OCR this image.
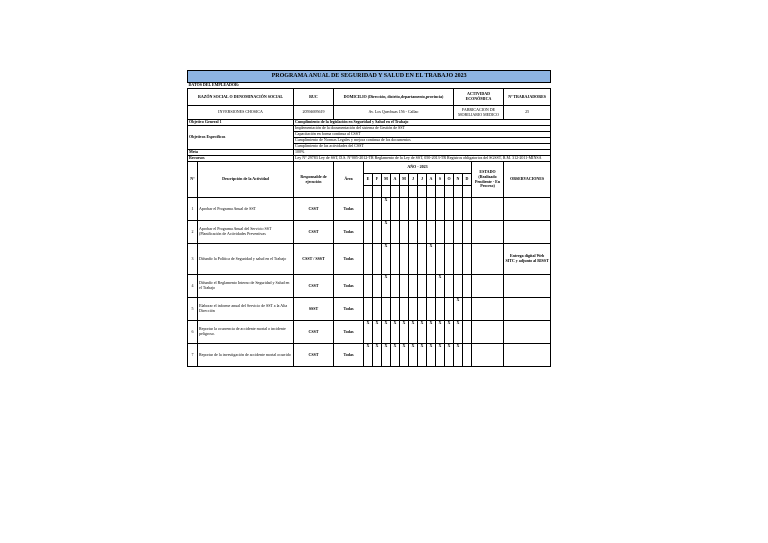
PROGRAMA ANUAL DE SEGURIDAD Y SALUD EN EL TRABAJO 2023																	
DATOS DEL EMPLEADOR:																	
RAZÓN SOCIAL O DENOMINACIÓN SOCIAL		RUC	DOMICILIO (Dirección, distrito,departamento,provincia)											ACTIVIDAD ECONÓMICA			Nº TRABAJADORES
INVERSIONES CHOSICA		20594695619	Av. Los Quechuas 156 - Callao											FABRICACION DE MOBILIARIO MEDICO			25
Objetivo General 1		Cumplimiento de la legislación en Seguridad y Salud en el Trabajo															
Objetivos Específicos		Implementación de la documentación del sistema de Gestión de SST															
		Capacitación en forma continua al CSST															
		Cumplimiento de Normas Legales y mejora continua de los documentos															
		Cumplimiento de las actividades del CSST															
Meta		100%															
Recursos		Ley N° 29783 Ley de SST, D.S. N°005-2012-TR Reglamento de la Ley de SST, 050-2013-TR Registros obligatorios del SGSST, R.M. 312-2011-MINSA															
N°	Descripción de la Actividad	Responsable de ejecución	Área	AÑO - 2023												ESTADO (Realizado Pendiente - En Proceso)	OBSERVACIONES
				E	F	M	A	M	J	J	A	S	O	N	D		

1	Aprobar el Programa Anual de SST	CSST	Todas			X											
2	Aprobar el Programa Anual del Servicio SST (Planificación de Actividades Preventivas	CSST	Todas			X											
3	Difundir la Política de Seguridad y salud en el Trabajo	CSST / SSST	Todas			X					X						Entrega digital Web SITC y adjunto al RISST
4	Difundir el Reglamento Interno de Seguridad y Salud en el Trabajo	CSST	Todas			X						X					
5	Elaborar el informe anual del Servicio de SST a la Alta Dirección	SSST	Todas											X			
6	Reportar la ocurrencia de accidente mortal o incidente peligroso.	CSST	Todas	X	X	X	X	X	X	X	X	X	X	X			
7	Reportar de la investigación de accidente mortal ocurrido	CSST	Todas	X	X	X	X	X	X	X	X	X	X	X			
